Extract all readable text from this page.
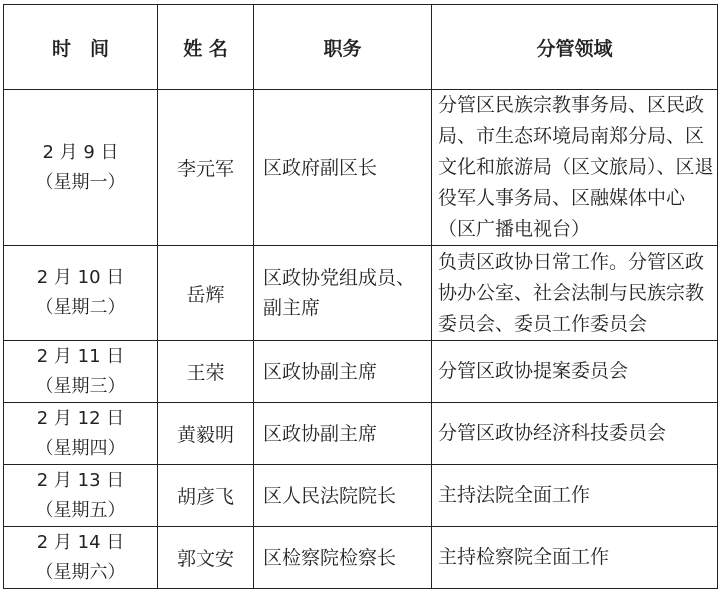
时　间	姓 名	职务	分管领域

2 月 9 日
（星期一）	李元军	区政府副区长	分管区民族宗教事务局、区民政局、市生态环境局南郑分局、区文化和旅游局（区文旅局）、区退役军人事务局、区融媒体中心（区广播电视台）

2 月 10 日
（星期二）	岳辉	区政协党组成员、副主席	负责区政协日常工作。分管区政协办公室、社会法制与民族宗教委员会、委员工作委员会

2 月 11 日
（星期三）	王荣	区政协副主席	分管区政协提案委员会

2 月 12 日
（星期四）	黄毅明	区政协副主席	分管区政协经济科技委员会

2 月 13 日
（星期五）	胡彦飞	区人民法院院长	主持法院全面工作

2 月 14 日
（星期六）	郭文安	区检察院检察长	主持检察院全面工作
